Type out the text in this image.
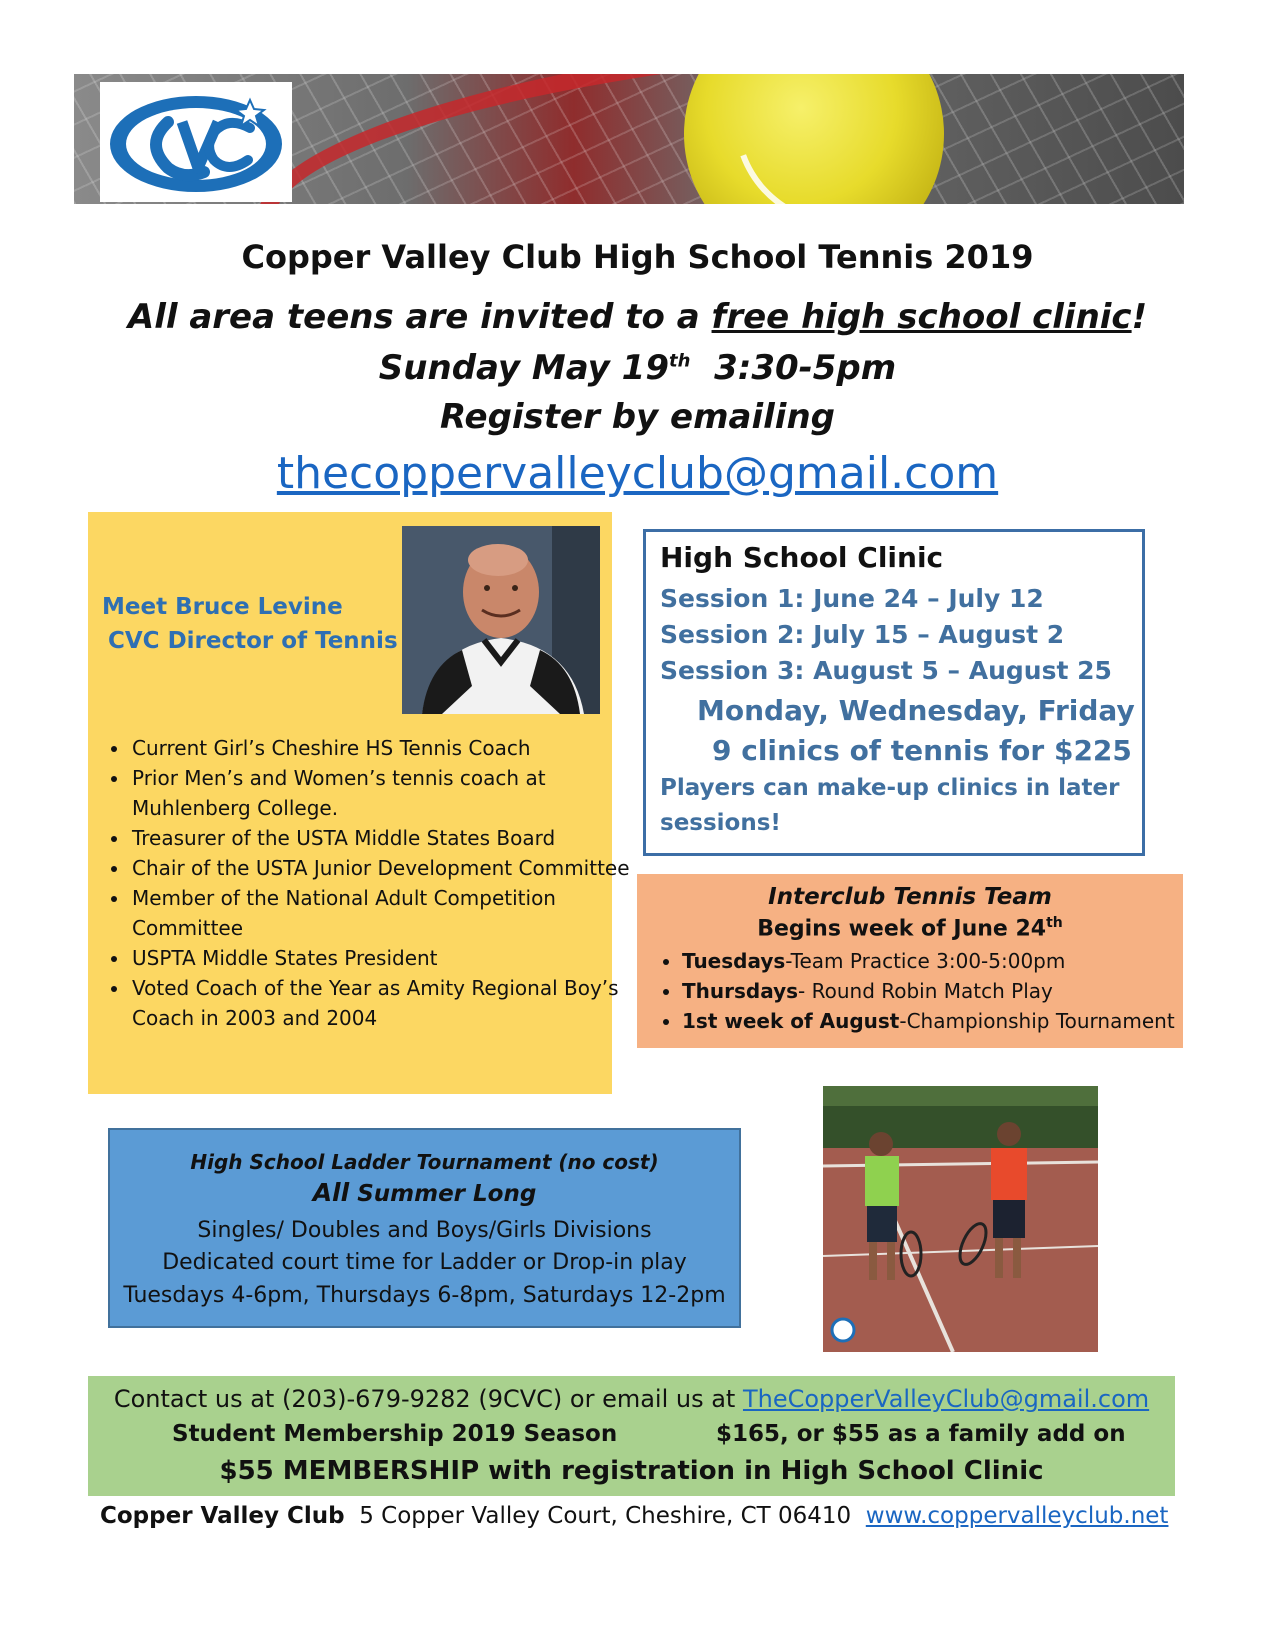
Copper Valley Club High School Tennis 2019
All area teens are invited to a free high school clinic!
Sunday May 19th 3:30-5pm
Register by emailing
thecoppervalleyclub@gmail.com
Meet Bruce Levine
CVC Director of Tennis
• Current Girl’s Cheshire HS Tennis Coach
• Prior Men’s and Women’s tennis coach at Muhlenberg College.
• Treasurer of the USTA Middle States Board
• Chair of the USTA Junior Development Committee
• Member of the National Adult Competition Committee
• USPTA Middle States President
• Voted Coach of the Year as Amity Regional Boy’s Coach in 2003 and 2004
High School Clinic
Session 1: June 24 – July 12
Session 2: July 15 – August 2
Session 3: August 5 – August 25
Monday, Wednesday, Friday
9 clinics of tennis for $225
Players can make-up clinics in later sessions!
Interclub Tennis Team
Begins week of June 24th
• Tuesdays-Team Practice 3:00-5:00pm
• Thursdays- Round Robin Match Play
• 1st week of August-Championship Tournament
High School Ladder Tournament (no cost)
All Summer Long
Singles/ Doubles and Boys/Girls Divisions
Dedicated court time for Ladder or Drop-in play
Tuesdays 4-6pm, Thursdays 6-8pm, Saturdays 12-2pm
Contact us at (203)-679-9282 (9CVC) or email us at TheCopperValleyClub@gmail.com
Student Membership 2019 Season	$165, or $55 as a family add on
$55 MEMBERSHIP with registration in High School Clinic
Copper Valley Club  5 Copper Valley Court, Cheshire, CT 06410  www.coppervalleyclub.net
